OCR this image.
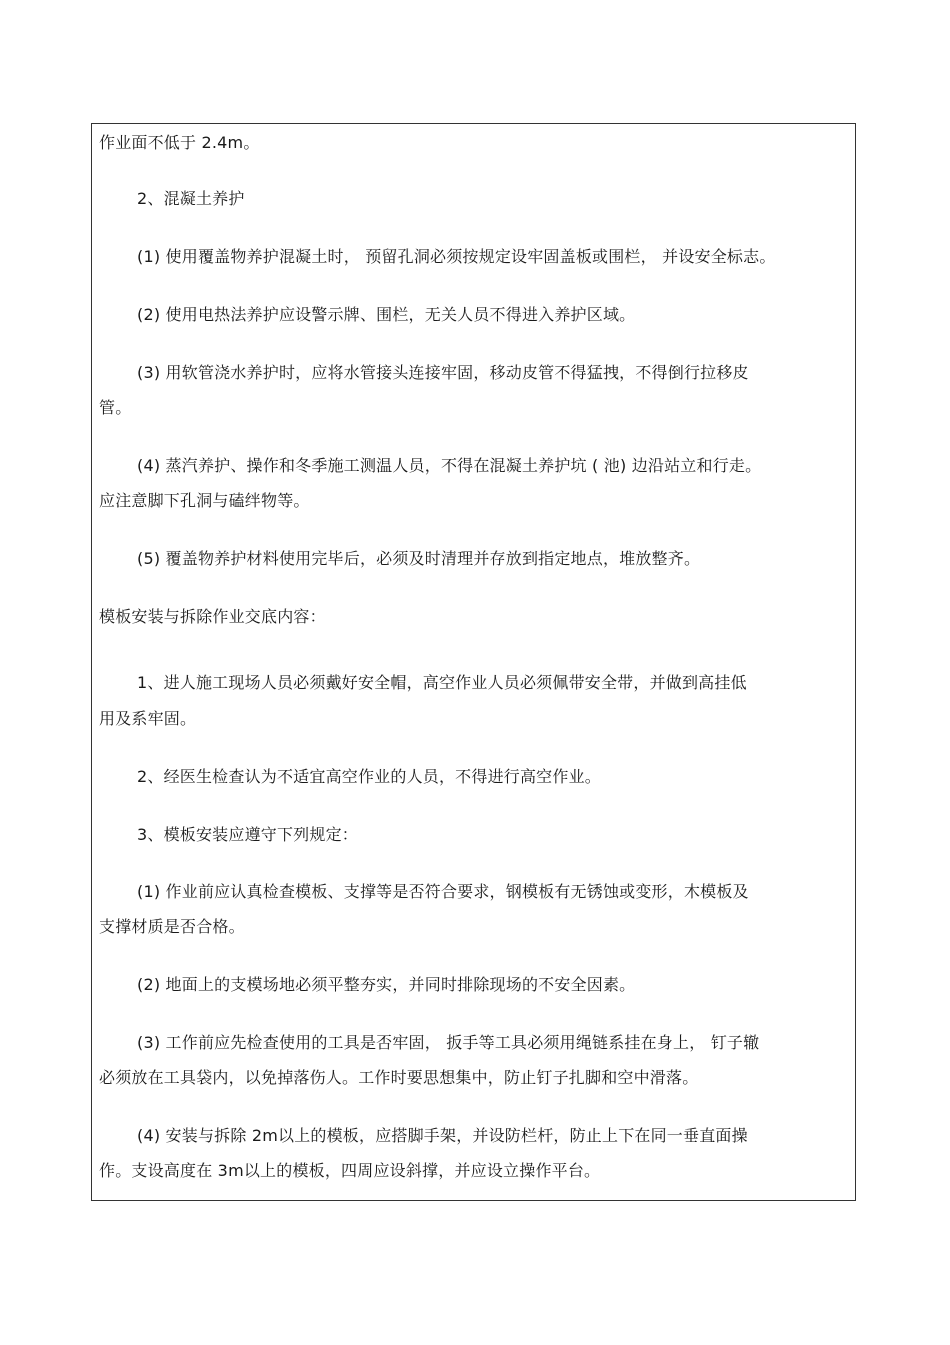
作业面不低于 2.4m。
2、混凝土养护
(1) 使用覆盖物养护混凝土时， 预留孔洞必须按规定设牢固盖板或围栏， 并设安全标志。
(2) 使用电热法养护应设警示牌、围栏，无关人员不得进入养护区域。
(3) 用软管浇水养护时，应将水管接头连接牢固，移动皮管不得猛拽，不得倒行拉移皮
管。
(4) 蒸汽养护、操作和冬季施工测温人员，不得在混凝土养护坑 ( 池) 边沿站立和行走。
应注意脚下孔洞与磕绊物等。
(5) 覆盖物养护材料使用完毕后，必须及时清理并存放到指定地点，堆放整齐。
模板安装与拆除作业交底内容：
1、进人施工现场人员必须戴好安全帽，高空作业人员必须佩带安全带，并做到高挂低
用及系牢固。
2、经医生检查认为不适宜高空作业的人员，不得进行高空作业。
3、模板安装应遵守下列规定：
(1) 作业前应认真检查模板、支撑等是否符合要求，钢模板有无锈蚀或变形，木模板及
支撑材质是否合格。
(2) 地面上的支模场地必须平整夯实，并同时排除现场的不安全因素。
(3) 工作前应先检查使用的工具是否牢固， 扳手等工具必须用绳链系挂在身上， 钉子辙
必须放在工具袋内，以免掉落伤人。工作时要思想集中，防止钉子扎脚和空中滑落。
(4) 安装与拆除 2m以上的模板，应搭脚手架，并设防栏杆，防止上下在同一垂直面操
作。支设高度在 3m以上的模板，四周应设斜撑，并应设立操作平台。
